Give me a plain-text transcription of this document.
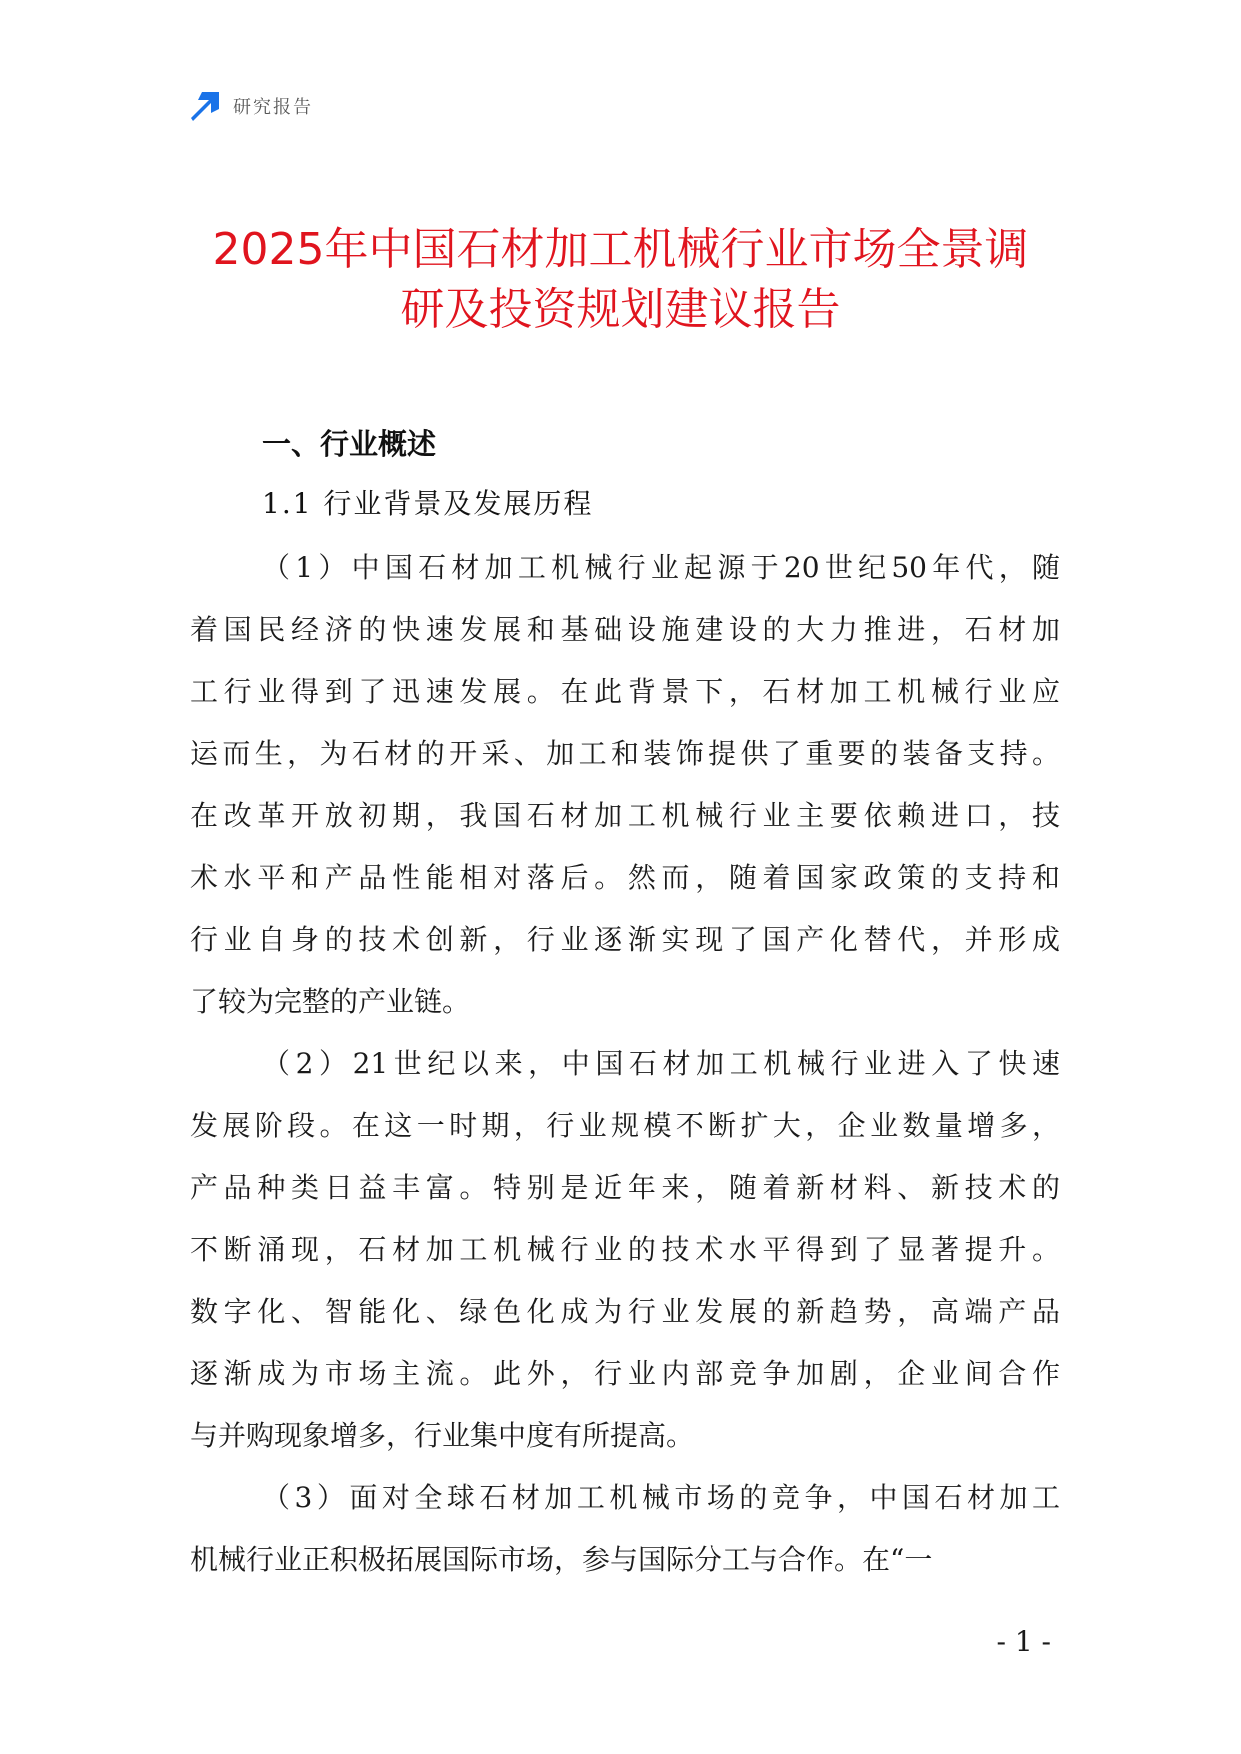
研究报告
2025年中国石材加工机械行业市场全景调
研及投资规划建议报告
一、行业概述
1.1 行业背景及发展历程
（1）中国石材加工机械行业起源于20世纪50年代，随
着国民经济的快速发展和基础设施建设的大力推进，石材加
工行业得到了迅速发展。在此背景下，石材加工机械行业应
运而生，为石材的开采、加工和装饰提供了重要的装备支持。
在改革开放初期，我国石材加工机械行业主要依赖进口，技
术水平和产品性能相对落后。然而，随着国家政策的支持和
行业自身的技术创新，行业逐渐实现了国产化替代，并形成
了较为完整的产业链。
（2）21世纪以来，中国石材加工机械行业进入了快速
发展阶段。在这一时期，行业规模不断扩大，企业数量增多，
产品种类日益丰富。特别是近年来，随着新材料、新技术的
不断涌现，石材加工机械行业的技术水平得到了显著提升。
数字化、智能化、绿色化成为行业发展的新趋势，高端产品
逐渐成为市场主流。此外，行业内部竞争加剧，企业间合作
与并购现象增多，行业集中度有所提高。
（3）面对全球石材加工机械市场的竞争，中国石材加工
机械行业正积极拓展国际市场，参与国际分工与合作。在“一
- 1 -
